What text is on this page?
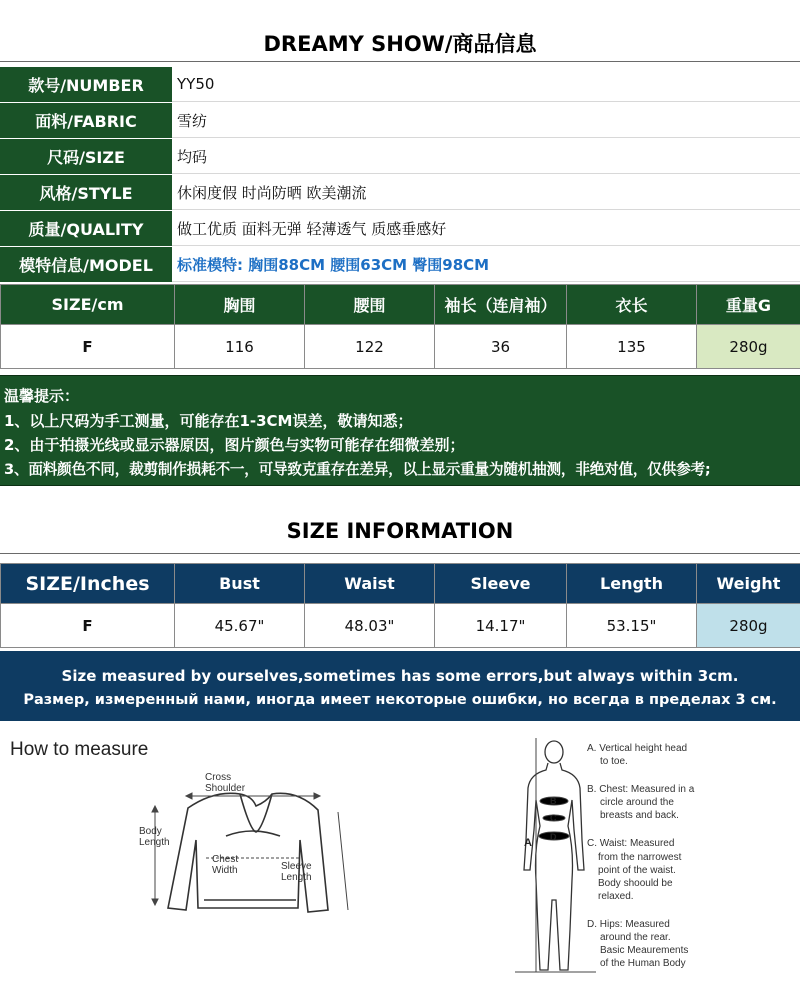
DREAMY SHOW/商品信息
款号/NUMBER	YY50
面料/FABRIC	雪纺
尺码/SIZE	均码
风格/STYLE	休闲度假 时尚防晒 欧美潮流
质量/QUALITY	做工优质 面料无弹 轻薄透气 质感垂感好
模特信息/MODEL	标准模特: 胸围88CM 腰围63CM 臀围98CM
SIZE/cm	胸围	腰围	袖长（连肩袖）	衣长	重量G
F	116	122	36	135	280g
温馨提示：
1、以上尺码为手工测量，可能存在1-3CM误差，敬请知悉；
2、由于拍摄光线或显示器原因，图片颜色与实物可能存在细微差别；
3、面料颜色不同，裁剪制作损耗不一，可导致克重存在差异，以上显示重量为随机抽测，非绝对值，仅供参考;
SIZE INFORMATION
SIZE/Inches	Bust	Waist	Sleeve	Length	Weight
F	45.67"	48.03"	14.17"	53.15"	280g
Size measured by ourselves,sometimes has some errors,but always within 3cm.
Размер, измеренный нами, иногда имеет некоторые ошибки, но всегда в пределах 3 см.
How to measure
Cross
Shoulder
Body
Length
Chest
Width	Sleeve
Length
A
B
C
D
A. Vertical height head
to toe.
B. Chest: Measured in a
circle around the
breasts and back.
C. Waist: Measured
from the narrowest
point of the waist.
Body shoould be
relaxed.
D. Hips: Measured
around the rear.
Basic Meaurements
of the Human Body
